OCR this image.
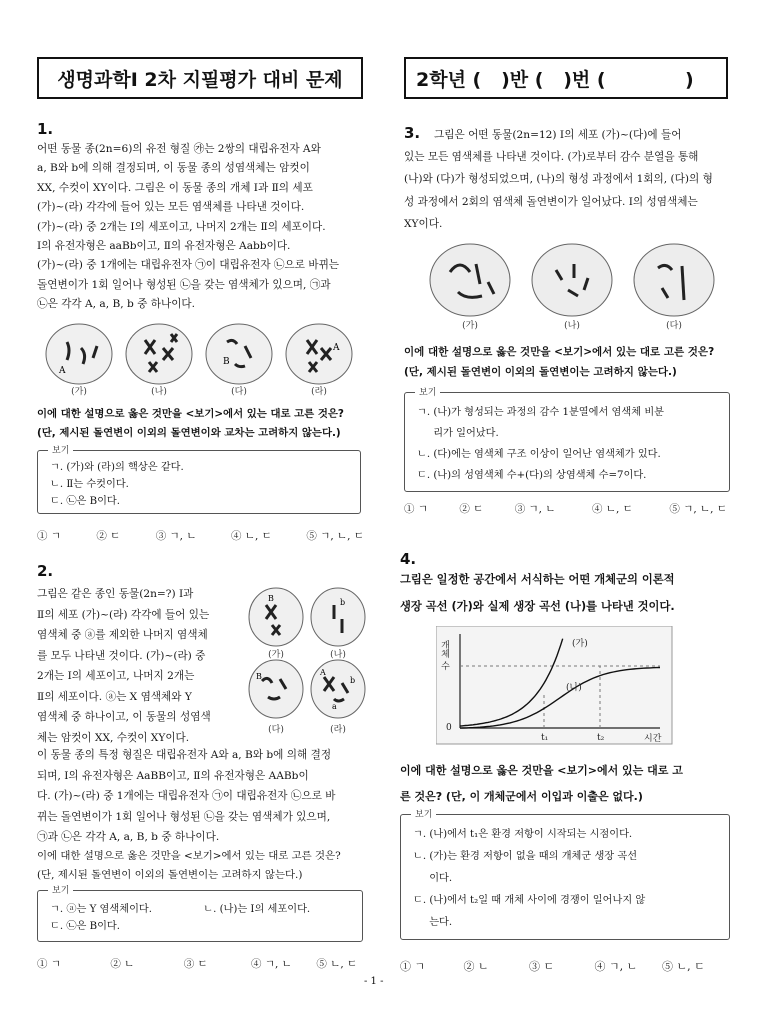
생명과학Ⅰ 2차 지필평가 대비 문제	2학년 (   )반 (   )번 (            )
1.
어떤 동물 종(2n=6)의 유전 형질 ㉮는 2쌍의 대립유전자 A와
a, B와 b에 의해 결정되며, 이 동물 종의 성염색체는 암컷이
XX, 수컷이 XY이다. 그림은 이 동물 종의 개체 Ⅰ과 Ⅱ의 세포
(가)~(라) 각각에 들어 있는 모든 염색체를 나타낸 것이다.
(가)~(라) 중 2개는 Ⅰ의 세포이고, 나머지 2개는 Ⅱ의 세포이다.
Ⅰ의 유전자형은 aaBb이고, Ⅱ의 유전자형은 Aabb이다.
(가)~(라) 중 1개에는 대립유전자 ㉠이 대립유전자 ㉡으로 바뀌는
돌연변이가 1회 일어나 형성된 ㉡을 갖는 염색체가 있으며, ㉠과
㉡은 각각 A, a, B, b 중 하나이다.
A
B
A
(가)	(나)	(다)	(라)
이에 대한 설명으로 옳은 것만을 <보기>에서 있는 대로 고른 것은?
(단, 제시된 돌연변이 이외의 돌연변이와 교차는 고려하지 않는다.)
보기
ㄱ. (가)와 (라)의 핵상은 같다.
ㄴ. Ⅱ는 수컷이다.
ㄷ. ㉡은 B이다.
① ㄱ	② ㄷ	③ ㄱ, ㄴ	④ ㄴ, ㄷ	⑤ ㄱ, ㄴ, ㄷ
2.
그림은 같은 종인 동물(2n=?) Ⅰ과
Ⅱ의 세포 (가)~(라) 각각에 들어 있는
염색체 중 ⓐ를 제외한 나머지 염색체
를 모두 나타낸 것이다. (가)~(라) 중
2개는 Ⅰ의 세포이고, 나머지 2개는
Ⅱ의 세포이다. ⓐ는 X 염색체와 Y
염색체 중 하나이고, 이 동물의 성염색
체는 암컷이 XX, 수컷이 XY이다.
B	b
B	A
b
a
(가)	(나)
(다)	(라)
이 동물 종의 특정 형질은 대립유전자 A와 a, B와 b에 의해 결정
되며, Ⅰ의 유전자형은 AaBB이고, Ⅱ의 유전자형은 AABb이
다. (가)~(라) 중 1개에는 대립유전자 ㉠이 대립유전자 ㉡으로 바
뀌는 돌연변이가 1회 일어나 형성된 ㉡을 갖는 염색체가 있으며,
㉠과 ㉡은 각각 A, a, B, b 중 하나이다.
이에 대한 설명으로 옳은 것만을 <보기>에서 있는 대로 고른 것은?
(단, 제시된 돌연변이 이외의 돌연변이는 고려하지 않는다.)
보기
ㄱ. ⓐ는 Y 염색체이다.	ㄴ. (나)는 Ⅰ의 세포이다.
ㄷ. ㉡은 B이다.
① ㄱ	② ㄴ	③ ㄷ	④ ㄱ, ㄴ ⑤ ㄴ, ㄷ
3.	그림은 어떤 동물(2n=12) Ⅰ의 세포 (가)~(다)에 들어
있는 모든 염색체를 나타낸 것이다. (가)로부터 감수 분열을 통해
(나)와 (다)가 형성되었으며, (나)의 형성 과정에서 1회의, (다)의 형
성 과정에서 2회의 염색체 돌연변이가 일어났다. Ⅰ의 성염색체는
XY이다.
(가)	(나)	(다)
이에 대한 설명으로 옳은 것만을 <보기>에서 있는 대로 고른 것은?
(단, 제시된 돌연변이 이외의 돌연변이는 고려하지 않는다.)
보기
ㄱ. (나)가 형성되는 과정의 감수 1분열에서 염색체 비분
리가 일어났다.
ㄴ. (다)에는 염색체 구조 이상이 일어난 염색체가 있다.
ㄷ. (나)의 성염색체 수+(다)의 상염색체 수=7이다.
① ㄱ	② ㄷ	③ ㄱ, ㄴ	④ ㄴ, ㄷ	⑤ ㄱ, ㄴ, ㄷ
4.
그림은 일정한 공간에서 서식하는 어떤 개체군의 이론적
생장 곡선 (가)와 실제 생장 곡선 (나)를 나타낸 것이다.
(가)
(나)
0
t₁	t₂	시간
개체 수
이에 대한 설명으로 옳은 것만을 <보기>에서 있는 대로 고
른 것은? (단, 이 개체군에서 이입과 이출은 없다.)
보기
ㄱ. (나)에서 t₁은 환경 저항이 시작되는 시점이다.
ㄴ. (가)는 환경 저항이 없을 때의 개체군 생장 곡선
이다.
ㄷ. (나)에서 t₂일 때 개체 사이에 경쟁이 일어나지 않
는다.
① ㄱ	② ㄴ	③ ㄷ	④ ㄱ, ㄴ ⑤ ㄴ, ㄷ
- 1 -
